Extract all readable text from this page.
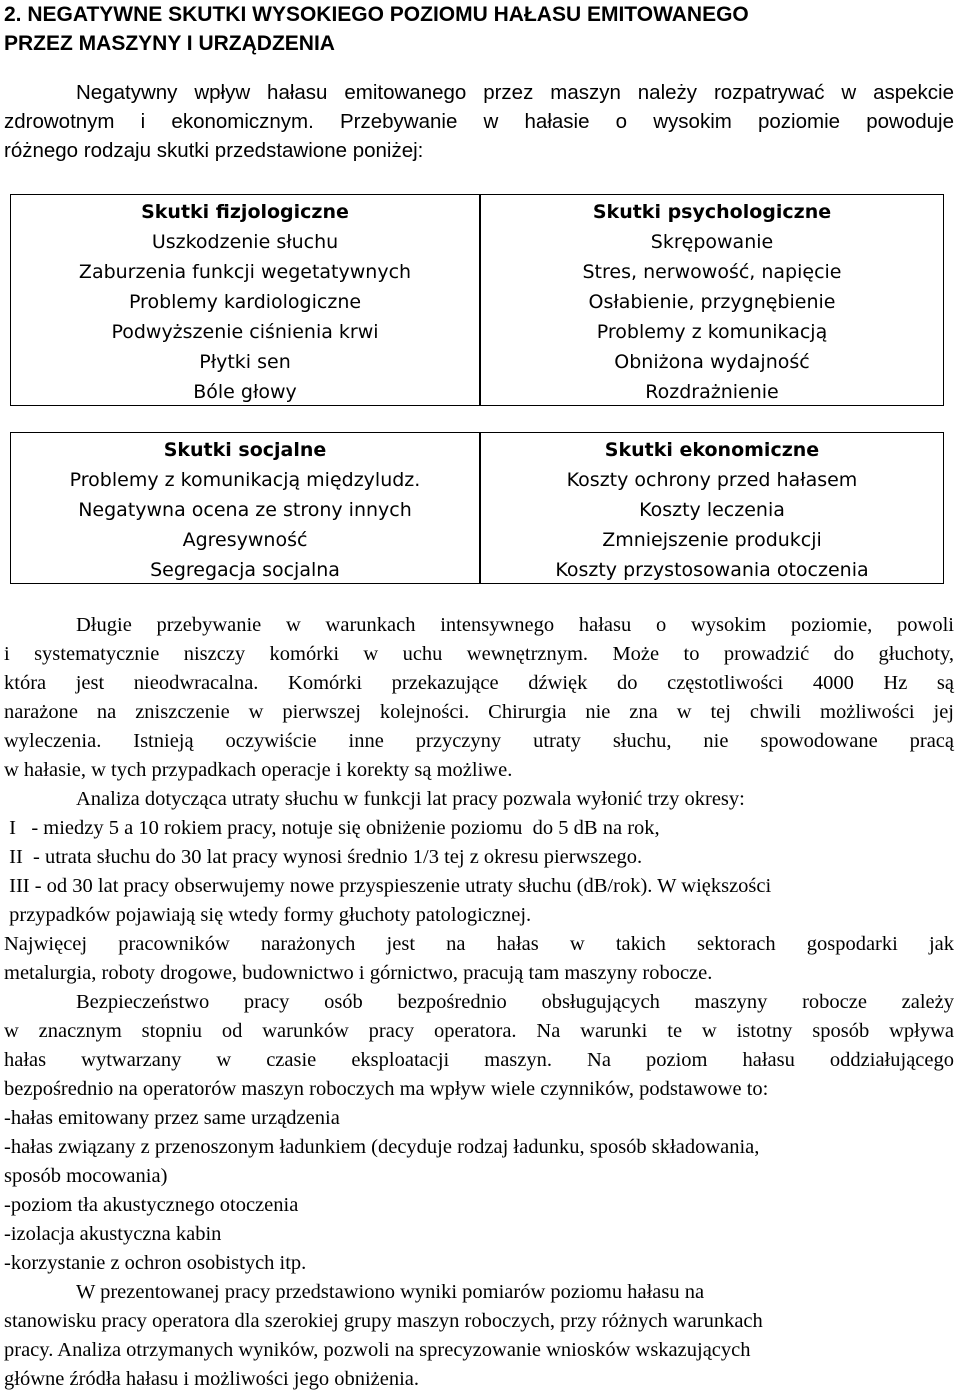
2. NEGATYWNE SKUTKI WYSOKIEGO POZIOMU HAŁASU EMITOWANEGO
PRZEZ MASZYNY I URZĄDZENIA
Negatywny wpływ hałasu emitowanego przez maszyn należy rozpatrywać w aspekcie
zdrowotnym i ekonomicznym. Przebywanie w hałasie o wysokim poziomie powoduje
różnego rodzaju skutki przedstawione poniżej:
Skutki fizjologiczne
Uszkodzenie słuchu
Zaburzenia funkcji wegetatywnych
Problemy kardiologiczne
Podwyższenie ciśnienia krwi
Płytki sen
Bóle głowy
Skutki psychologiczne
Skrępowanie
Stres, nerwowość, napięcie
Osłabienie, przygnębienie
Problemy z komunikacją
Obniżona wydajność
Rozdrażnienie
Skutki socjalne
Problemy z komunikacją międzyludz.
Negatywna ocena ze strony innych
Agresywność
Segregacja socjalna
Skutki ekonomiczne
Koszty ochrony przed hałasem
Koszty leczenia
Zmniejszenie produkcji
Koszty przystosowania otoczenia
Długie przebywanie w warunkach intensywnego hałasu o wysokim poziomie, powoli
i systematycznie niszczy komórki w uchu wewnętrznym. Może to prowadzić do głuchoty,
która jest nieodwracalna. Komórki przekazujące dźwięk do częstotliwości 4000 Hz są
narażone na zniszczenie w pierwszej kolejności. Chirurgia nie zna w tej chwili możliwości jej
wyleczenia. Istnieją oczywiście inne przyczyny utraty słuchu, nie spowodowane pracą
w hałasie, w tych przypadkach operacje i korekty są możliwe.
Analiza dotycząca utraty słuchu w funkcji lat pracy pozwala wyłonić trzy okresy:
I   - miedzy 5 a 10 rokiem pracy, notuje się obniżenie poziomu  do 5 dB na rok,
II  - utrata słuchu do 30 lat pracy wynosi średnio 1/3 tej z okresu pierwszego.
III - od 30 lat pracy obserwujemy nowe przyspieszenie utraty słuchu (dB/rok). W większości
przypadków pojawiają się wtedy formy głuchoty patologicznej.
Najwięcej pracowników narażonych jest na hałas w takich sektorach gospodarki jak
metalurgia, roboty drogowe, budownictwo i górnictwo, pracują tam maszyny robocze.
Bezpieczeństwo pracy osób bezpośrednio obsługujących maszyny robocze zależy
w znacznym stopniu od warunków pracy operatora. Na warunki te w istotny sposób wpływa
hałas wytwarzany w czasie eksploatacji maszyn. Na poziom hałasu oddziałującego
bezpośrednio na operatorów maszyn roboczych ma wpływ wiele czynników, podstawowe to:
-hałas emitowany przez same urządzenia
-hałas związany z przenoszonym ładunkiem (decyduje rodzaj ładunku, sposób składowania,
sposób mocowania)
-poziom tła akustycznego otoczenia
-izolacja akustyczna kabin
-korzystanie z ochron osobistych itp.
W prezentowanej pracy przedstawiono wyniki pomiarów poziomu hałasu na
stanowisku pracy operatora dla szerokiej grupy maszyn roboczych, przy różnych warunkach
pracy. Analiza otrzymanych wyników, pozwoli na sprecyzowanie wniosków wskazujących
główne źródła hałasu i możliwości jego obniżenia.
